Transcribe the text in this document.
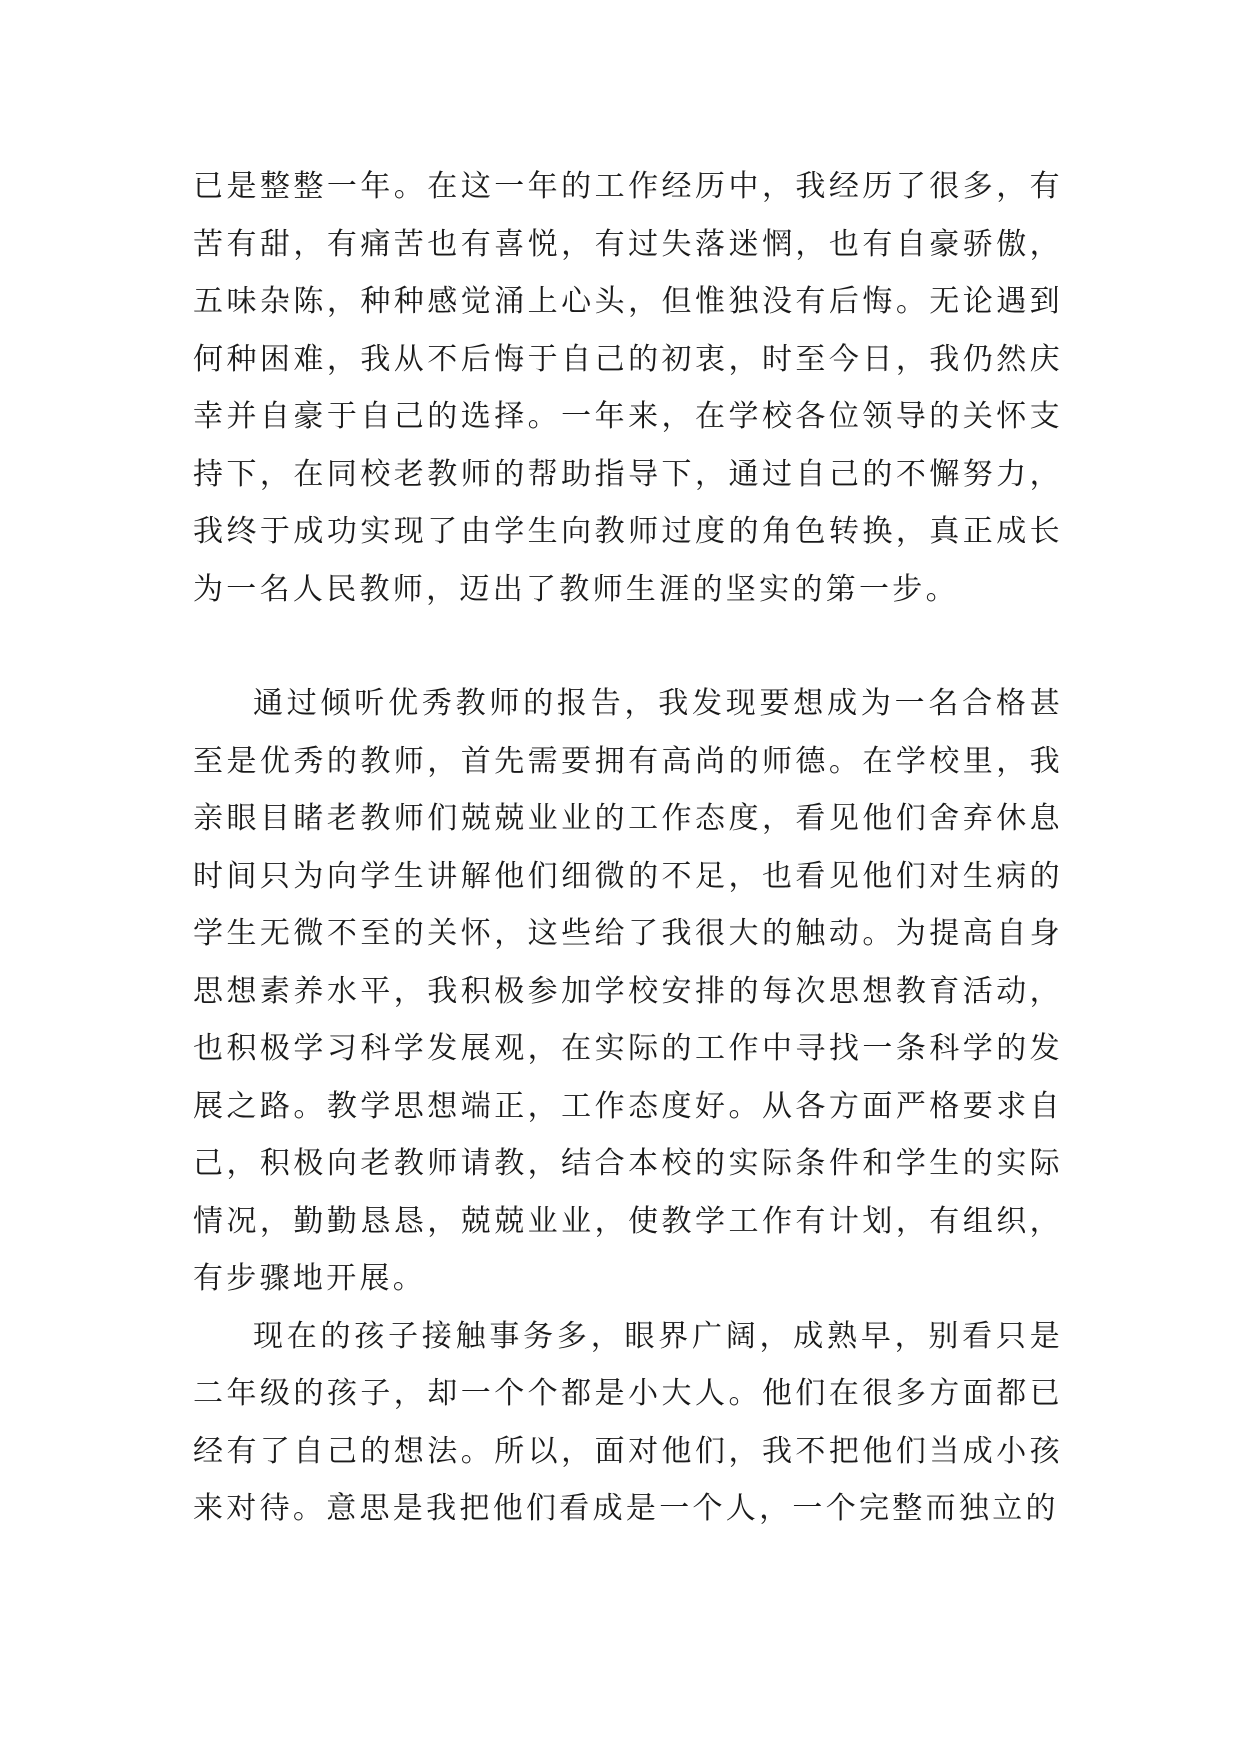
已是整整一年。在这一年的工作经历中，我经历了很多，有苦有甜，有痛苦也有喜悦，有过失落迷惘，也有自豪骄傲，五味杂陈，种种感觉涌上心头，但惟独没有后悔。无论遇到何种困难，我从不后悔于自己的初衷，时至今日，我仍然庆幸并自豪于自己的选择。一年来，在学校各位领导的关怀支持下，在同校老教师的帮助指导下，通过自己的不懈努力，我终于成功实现了由学生向教师过度的角色转换，真正成长为一名人民教师，迈出了教师生涯的坚实的第一步。

通过倾听优秀教师的报告，我发现要想成为一名合格甚至是优秀的教师，首先需要拥有高尚的师德。在学校里，我亲眼目睹老教师们兢兢业业的工作态度，看见他们舍弃休息时间只为向学生讲解他们细微的不足，也看见他们对生病的学生无微不至的关怀，这些给了我很大的触动。为提高自身思想素养水平，我积极参加学校安排的每次思想教育活动，也积极学习科学发展观，在实际的工作中寻找一条科学的发展之路。教学思想端正，工作态度好。从各方面严格要求自己，积极向老教师请教，结合本校的实际条件和学生的实际情况，勤勤恳恳，兢兢业业，使教学工作有计划，有组织，有步骤地开展。

现在的孩子接触事务多，眼界广阔，成熟早，别看只是二年级的孩子，却一个个都是小大人。他们在很多方面都已经有了自己的想法。所以，面对他们，我不把他们当成小孩来对待。意思是我把他们看成是一个人，一个完整而独立的
